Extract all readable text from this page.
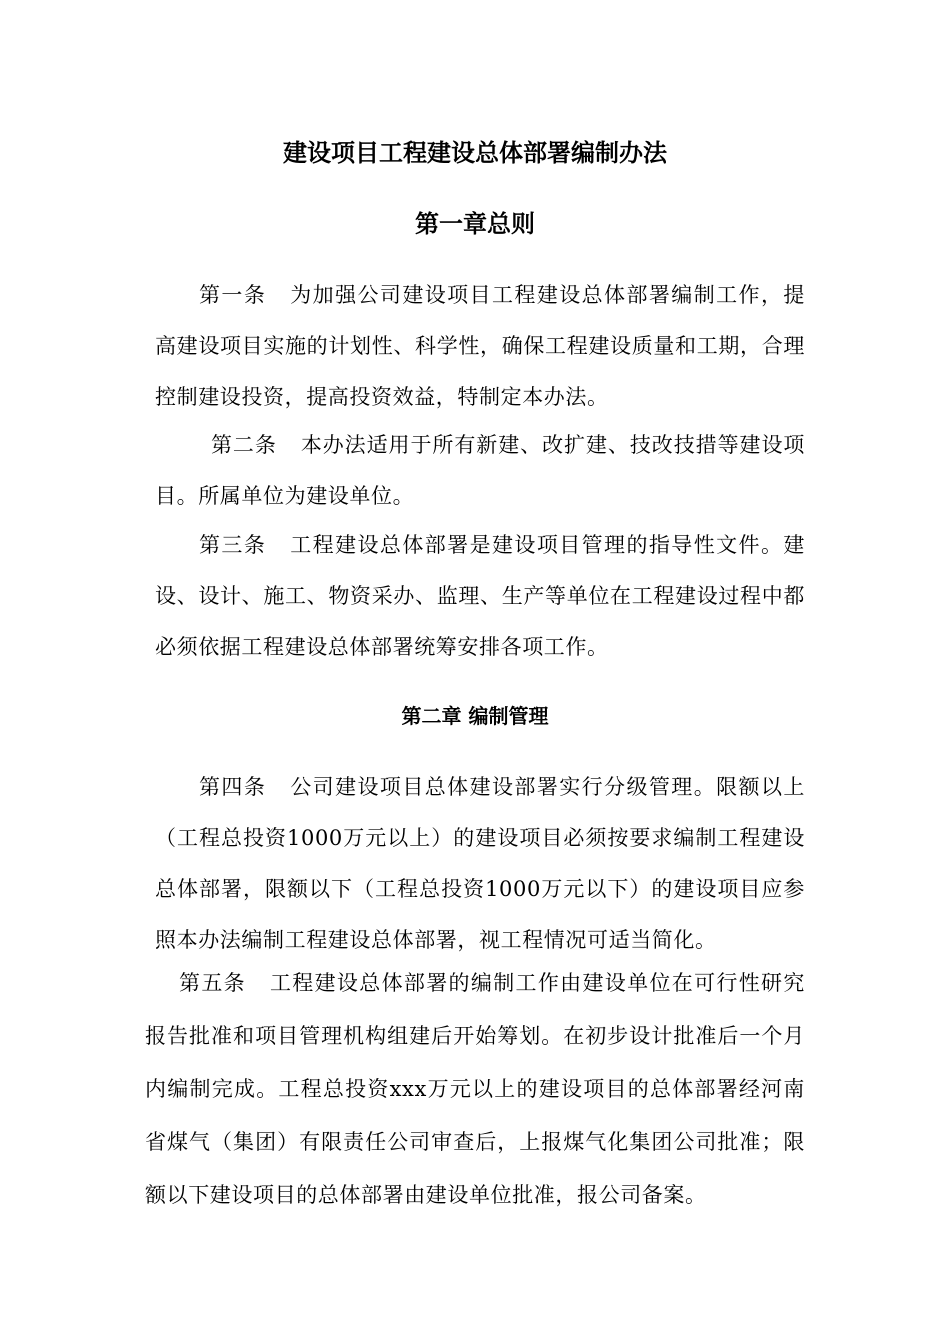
建设项目工程建设总体部署编制办法
第一章总则

第一条 为加强公司建设项目工程建设总体部署编制工作，提高建设项目实施的计划性、科学性，确保工程建设质量和工期，合理控制建设投资，提高投资效益，特制定本办法。

第二条 本办法适用于所有新建、改扩建、技改技措等建设项目。所属单位为建设单位。

第三条 工程建设总体部署是建设项目管理的指导性文件。建设、设计、施工、物资采办、监理、生产等单位在工程建设过程中都必须依据工程建设总体部署统筹安排各项工作。

第二章 编制管理

第四条 公司建设项目总体建设部署实行分级管理。限额以上（工程总投资1000万元以上）的建设项目必须按要求编制工程建设总体部署，限额以下（工程总投资1000万元以下）的建设项目应参照本办法编制工程建设总体部署，视工程情况可适当简化。

第五条 工程建设总体部署的编制工作由建设单位在可行性研究报告批准和项目管理机构组建后开始筹划。在初步设计批准后一个月内编制完成。工程总投资xxx万元以上的建设项目的总体部署经河南省煤气（集团）有限责任公司审查后，上报煤气化集团公司批准；限额以下建设项目的总体部署由建设单位批准，报公司备案。
